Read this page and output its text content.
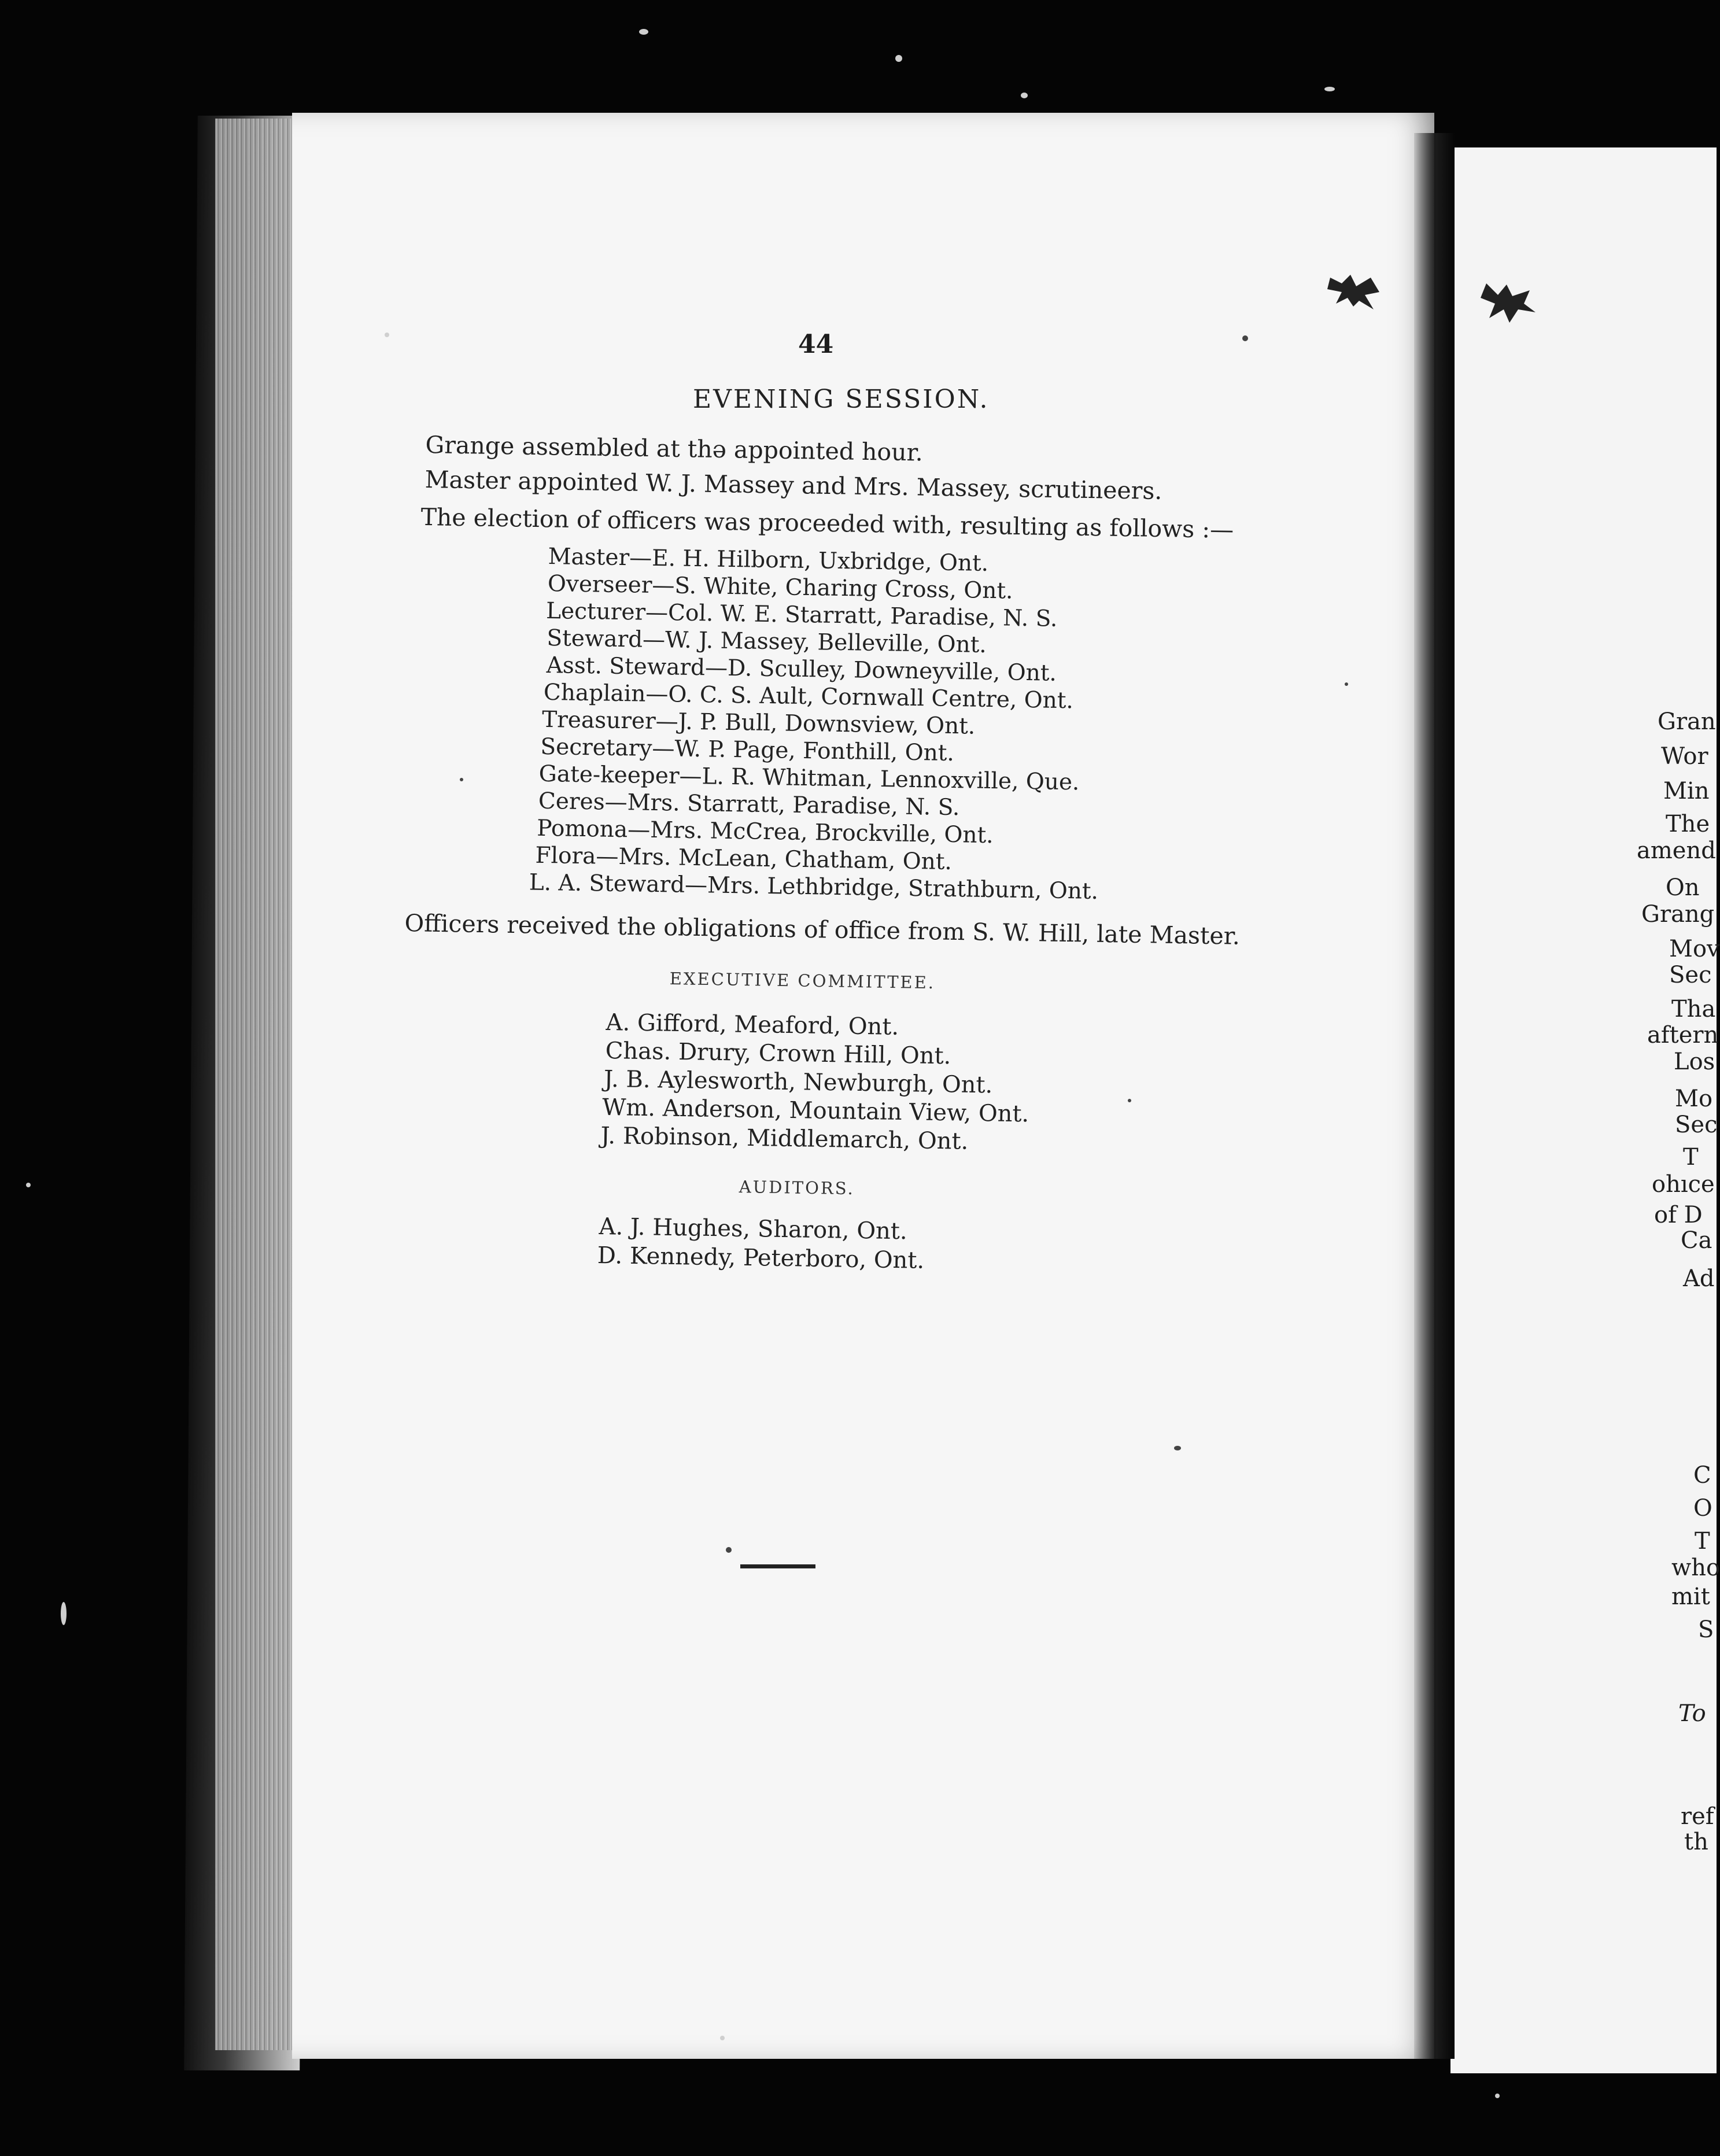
44
EVENING SESSION.
Grange assembled at thə appointed hour.
Master appointed W. J. Massey and Mrs. Massey, scrutineers.
The election of officers was proceeded with, resulting as follows :—
Master—E. H. Hilborn, Uxbridge, Ont.
Overseer—S. White, Charing Cross, Ont.
Lecturer—Col. W. E. Starratt, Paradise, N. S.
Steward—W. J. Massey, Belleville, Ont.
Asst. Steward—D. Sculley, Downeyville, Ont.
Chaplain—O. C. S. Ault, Cornwall Centre, Ont.
Treasurer—J. P. Bull, Downsview, Ont.
Secretary—W. P. Page, Fonthill, Ont.
Gate-keeper—L. R. Whitman, Lennoxville, Que.
Ceres—Mrs. Starratt, Paradise, N. S.
Pomona—Mrs. McCrea, Brockville, Ont.
Flora—Mrs. McLean, Chatham, Ont.
L. A. Steward—Mrs. Lethbridge, Strathburn, Ont.
Officers received the obligations of office from S. W. Hill, late Master.
EXECUTIVE COMMITTEE.
A. Gifford, Meaford, Ont.
Chas. Drury, Crown Hill, Ont.
J. B. Aylesworth, Newburgh, Ont.
Wm. Anderson, Mountain View, Ont.
J. Robinson, Middlemarch, Ont.
AUDITORS.
A. J. Hughes, Sharon, Ont.
D. Kennedy, Peterboro, Ont.
Gran
Wor
Min
The
amend
On
Grang
Mov
Sec
Tha
aftern
Los
Mo
Sec
T
ohıce
of D
Ca
Ad
C
O
T
who
mit
S
To
ref
th
